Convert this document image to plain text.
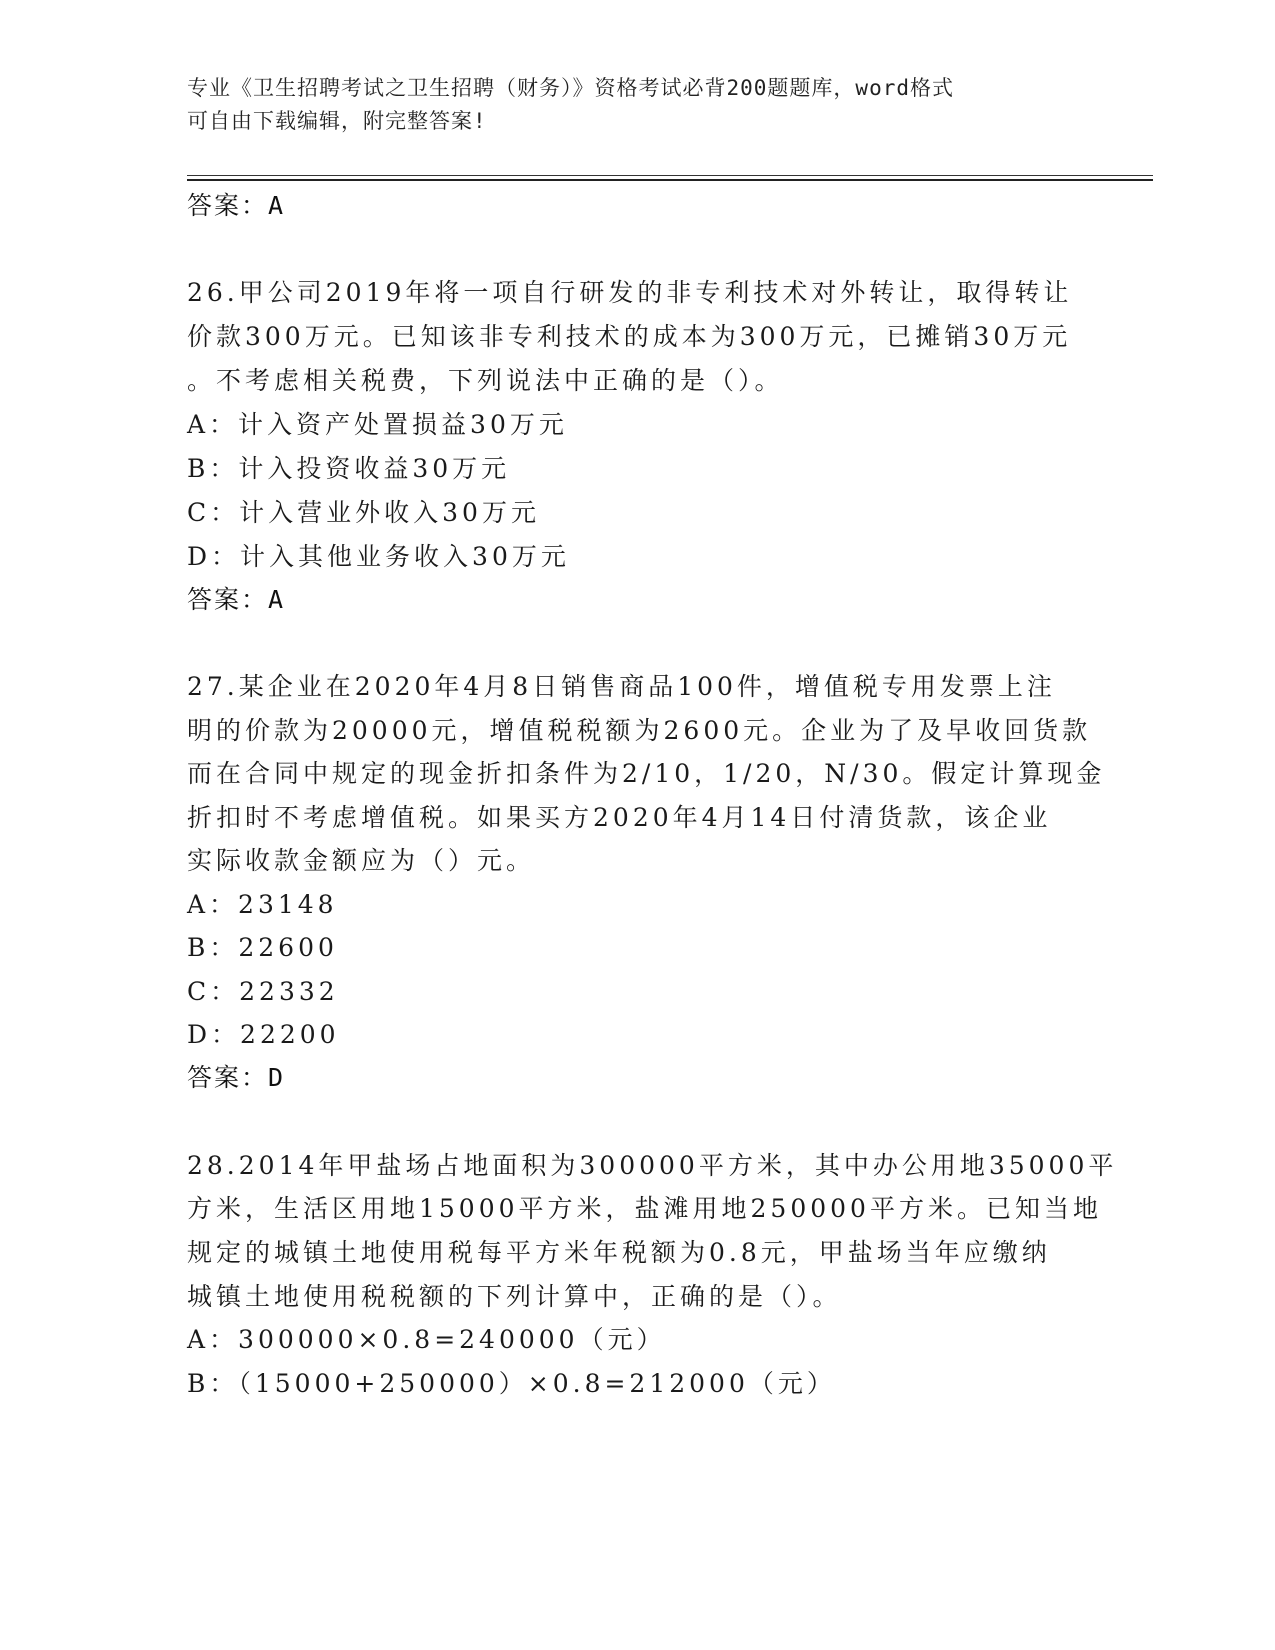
专业《卫生招聘考试之卫生招聘（财务）》资格考试必背200题题库，word格式
可自由下载编辑，附完整答案!
答案：A
26.甲公司2019年将一项自行研发的非专利技术对外转让，取得转让
价款300万元。已知该非专利技术的成本为300万元，已摊销30万元
。不考虑相关税费，下列说法中正确的是（）。
A：计入资产处置损益30万元
B：计入投资收益30万元
C：计入营业外收入30万元
D：计入其他业务收入30万元
答案：A
27.某企业在2020年4月8日销售商品100件，增值税专用发票上注
明的价款为20000元，增值税税额为2600元。企业为了及早收回货款
而在合同中规定的现金折扣条件为2/10，1/20，N/30。假定计算现金
折扣时不考虑增值税。如果买方2020年4月14日付清货款，该企业
实际收款金额应为（）元。
A：23148
B：22600
C：22332
D：22200
答案：D
28.2014年甲盐场占地面积为300000平方米，其中办公用地35000平
方米，生活区用地15000平方米，盐滩用地250000平方米。已知当地
规定的城镇土地使用税每平方米年税额为0.8元，甲盐场当年应缴纳
城镇土地使用税税额的下列计算中，正确的是（）。
A：300000×0.8=240000（元）
B：（15000+250000）×0.8=212000（元）
